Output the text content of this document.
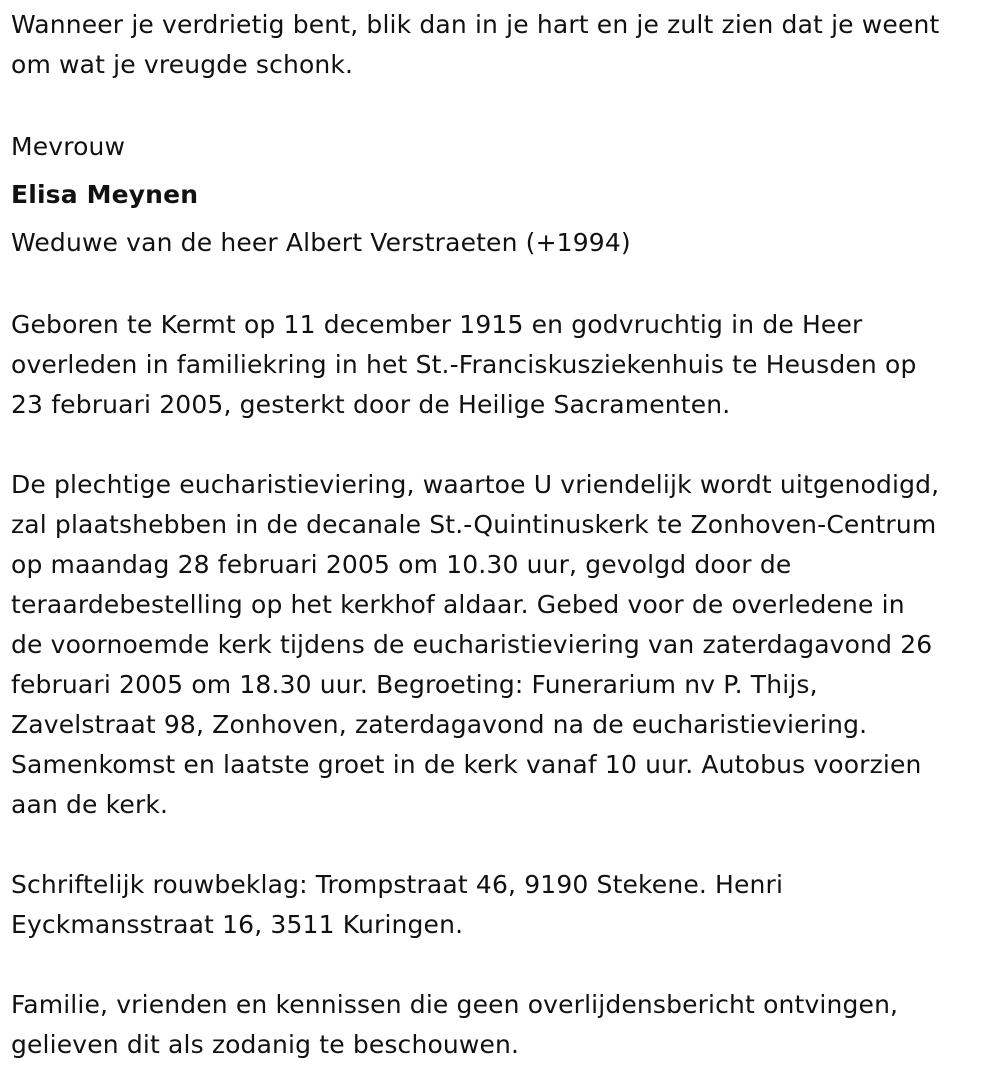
Wanneer je verdrietig bent, blik dan in je hart en je zult zien dat je weent
om wat je vreugde schonk.

Mevrouw

Elisa Meynen

Weduwe van de heer Albert Verstraeten (+1994)

Geboren te Kermt op 11 december 1915 en godvruchtig in de Heer
overleden in familiekring in het St.-Franciskusziekenhuis te Heusden op
23 februari 2005, gesterkt door de Heilige Sacramenten.

De plechtige eucharistieviering, waartoe U vriendelijk wordt uitgenodigd,
zal plaatshebben in de decanale St.-Quintinuskerk te Zonhoven-Centrum
op maandag 28 februari 2005 om 10.30 uur, gevolgd door de
teraardebestelling op het kerkhof aldaar. Gebed voor de overledene in
de voornoemde kerk tijdens de eucharistieviering van zaterdagavond 26
februari 2005 om 18.30 uur. Begroeting: Funerarium nv P. Thijs,
Zavelstraat 98, Zonhoven, zaterdagavond na de eucharistieviering.
Samenkomst en laatste groet in de kerk vanaf 10 uur. Autobus voorzien
aan de kerk.

Schriftelijk rouwbeklag: Trompstraat 46, 9190 Stekene. Henri
Eyckmansstraat 16, 3511 Kuringen.

Familie, vrienden en kennissen die geen overlijdensbericht ontvingen,
gelieven dit als zodanig te beschouwen.
